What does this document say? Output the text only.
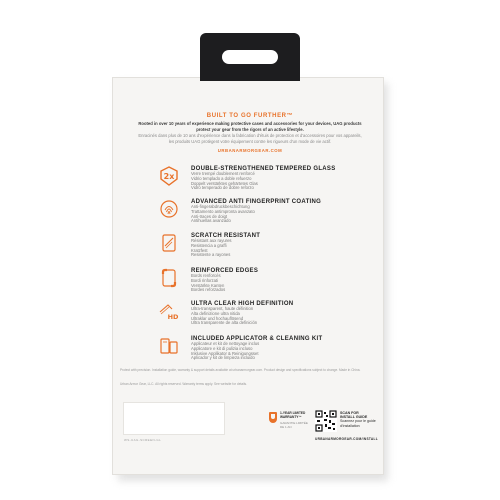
BUILT TO GO FURTHER™
Rooted in over 10 years of experience making protective cases and accessories for your devices, UAG products protect your gear from the rigors of an active lifestyle.
Enracinés dans plus de 10 ans d'expérience dans la fabrication d'étuis de protection et d'accessoires pour vos appareils, les produits UAG protègent votre équipement contre les rigueurs d'un mode de vie actif.
URBANARMORGEAR.COM
2x
DOUBLE-STRENGTHENED TEMPERED GLASS
Verre trempé doublement renforcé
Vidrio templado a doble refuerzo
Doppelt verstärktes gehärtetes Glas
Vidro temperado de dobre reforzo
ADVANCED ANTI FINGERPRINT COATING
Anti-fingerabdruckbeschichtung
Trattamento antimpronta avanzato
Anti-traces de doigt
Antihuellas avanzado
SCRATCH RESISTANT
Résistant aux rayures
Resistencia a graffi
Kratzfest
Resistente a rayones
REINFORCED EDGES
Bords renforcés
Bordi rinforzati
Verstärkte Kanten
Bordes reforzados
HD
ULTRA CLEAR HIGH DEFINITION
Ultra-transparent, haute définition
Alta definizione ultra nitida
Ultraklar und hochauflösend
Ultra transparente de alta definición
INCLUDED APPLICATOR & CLEANING KIT
Applicateur et kit de nettoyage inclus
Applicatore e kit di pulizia incluso
Inklusive Applikator & Reinigungsset
Aplicador y kit de limpieza incluido
Protect with precision. Installation guide, warranty & support details available at urbanarmorgear.com. Product design and specifications subject to change. Made in China.
Urban Armor Gear, LLC. All rights reserved. Warranty terms apply. See website for details.
WS-UAG-SCREEN-GL
1-YEAR LIMITED
WARRANTY™
GARANTIE LIMITÉE
DE 1 AN
SCAN FOR
INSTALL GUIDE
Scannez pour le guide
d'installation
URBANARMORGEAR.COM/INSTALL
